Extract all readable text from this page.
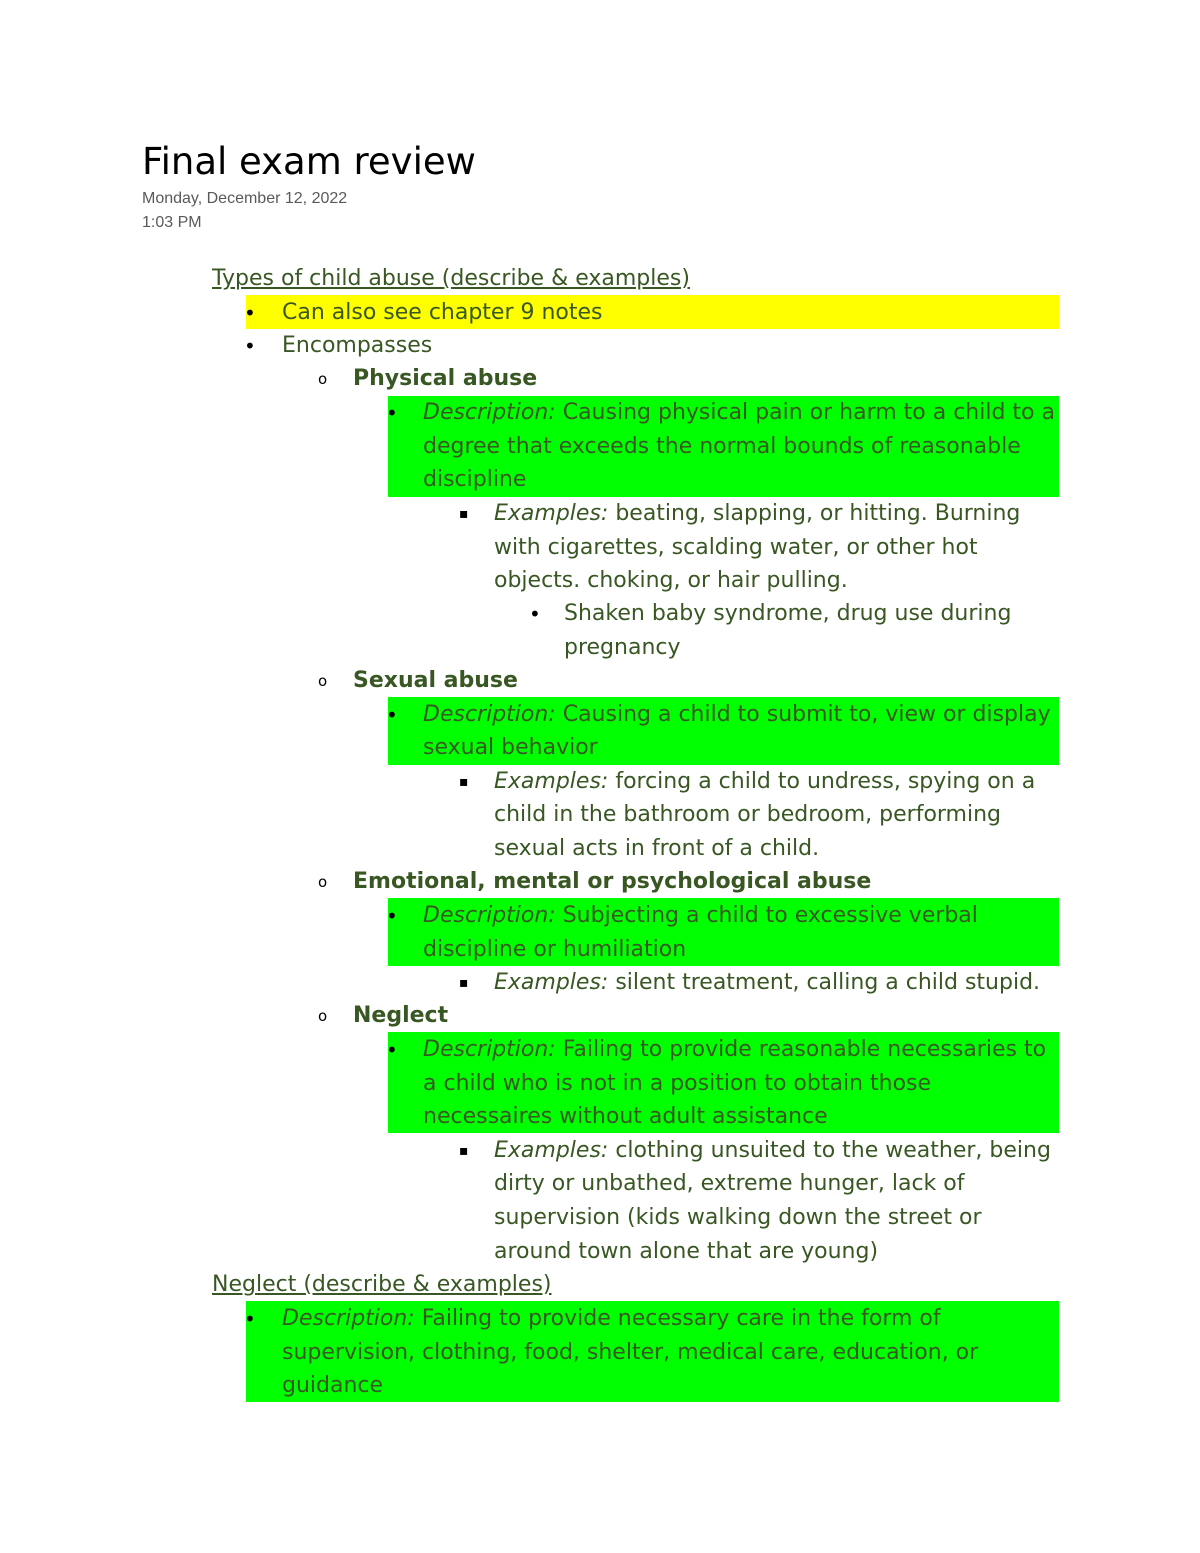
Final exam review
Monday, December 12, 2022
1:03 PM
Types of child abuse (describe & examples)
• Can also see chapter 9 notes
• Encompasses
o Physical abuse
• Description: Causing physical pain or harm to a child to a
degree that exceeds the normal bounds of reasonable
discipline
▪ Examples: beating, slapping, or hitting. Burning
with cigarettes, scalding water, or other hot
objects. choking, or hair pulling.
• Shaken baby syndrome, drug use during
pregnancy
o Sexual abuse
• Description: Causing a child to submit to, view or display
sexual behavior
▪ Examples: forcing a child to undress, spying on a
child in the bathroom or bedroom, performing
sexual acts in front of a child.
o Emotional, mental or psychological abuse
• Description: Subjecting a child to excessive verbal
discipline or humiliation
▪ Examples: silent treatment, calling a child stupid.
o Neglect
• Description: Failing to provide reasonable necessaries to
a child who is not in a position to obtain those
necessaires without adult assistance
▪ Examples: clothing unsuited to the weather, being
dirty or unbathed, extreme hunger, lack of
supervision (kids walking down the street or
around town alone that are young)
Neglect (describe & examples)
• Description: Failing to provide necessary care in the form of
supervision, clothing, food, shelter, medical care, education, or
guidance
